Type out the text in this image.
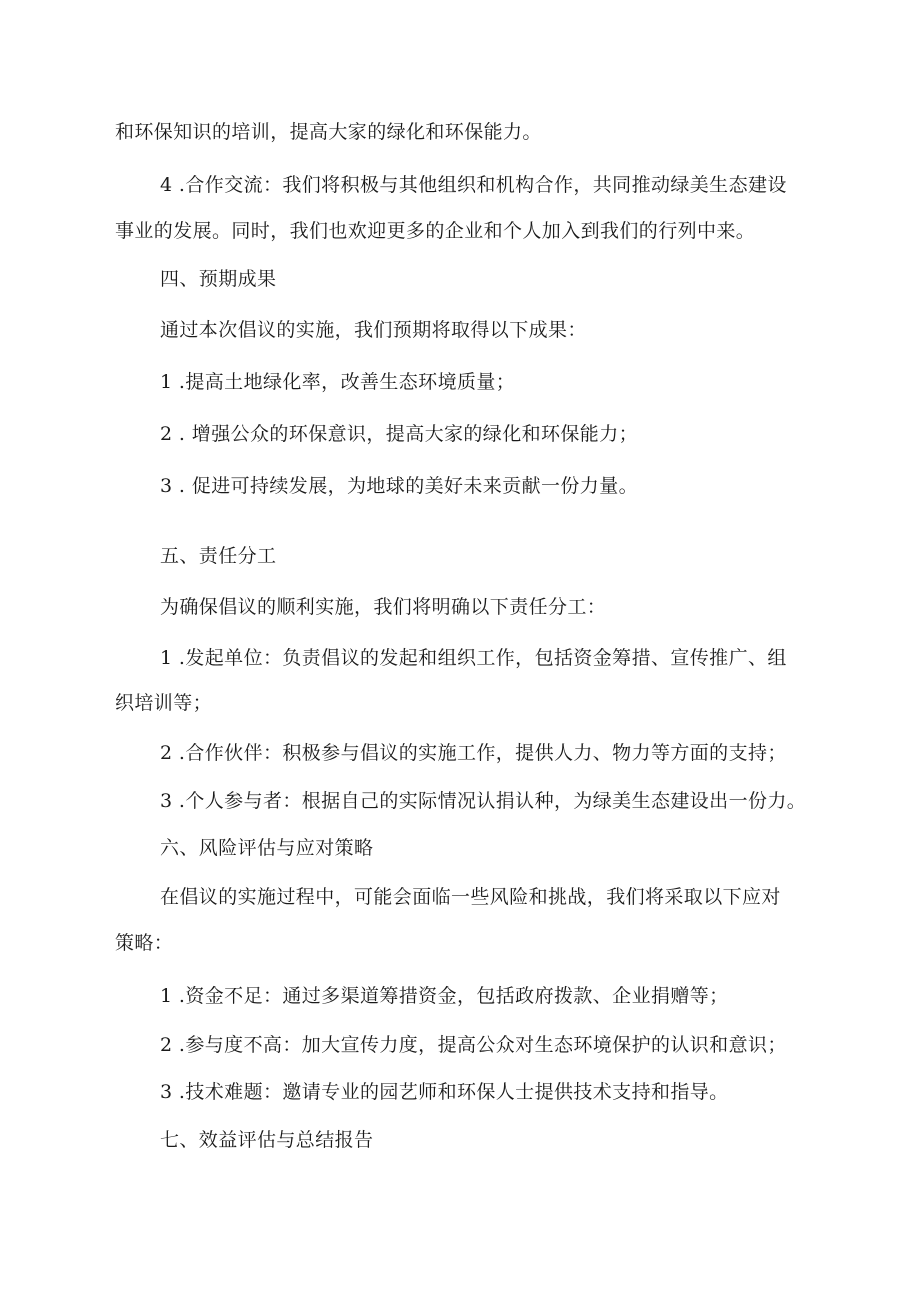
和环保知识的培训，提高大家的绿化和环保能力。
4 .合作交流：我们将积极与其他组织和机构合作，共同推动绿美生态建设
事业的发展。同时，我们也欢迎更多的企业和个人加入到我们的行列中来。
四、预期成果
通过本次倡议的实施，我们预期将取得以下成果：
1 .提高土地绿化率，改善生态环境质量；
2 . 增强公众的环保意识，提高大家的绿化和环保能力；
3 . 促进可持续发展，为地球的美好未来贡献一份力量。
五、责任分工
为确保倡议的顺利实施，我们将明确以下责任分工：
1 .发起单位：负责倡议的发起和组织工作，包括资金筹措、宣传推广、组
织培训等；
2 .合作伙伴：积极参与倡议的实施工作，提供人力、物力等方面的支持；
3 .个人参与者：根据自己的实际情况认捐认种，为绿美生态建设出一份力。
六、风险评估与应对策略
在倡议的实施过程中，可能会面临一些风险和挑战，我们将采取以下应对
策略：
1 .资金不足：通过多渠道筹措资金，包括政府拨款、企业捐赠等；
2 .参与度不高：加大宣传力度，提高公众对生态环境保护的认识和意识；
3 .技术难题：邀请专业的园艺师和环保人士提供技术支持和指导。
七、效益评估与总结报告
